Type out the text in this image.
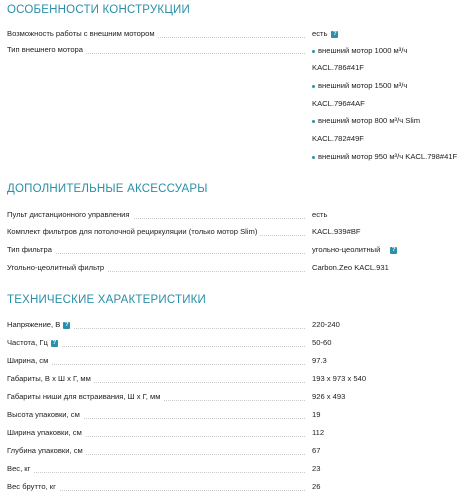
ОСОБЕННОСТИ КОНСТРУКЦИИ
Возможность работы с внешним мотором	есть ?
Тип внешнего мотора	внешний мотор 1000 м³/ч
KACL.786#41F
внешний мотор 1500 м³/ч
KACL.796#4AF
внешний мотор 800 м³/ч Slim
KACL.782#49F
внешний мотор 950 м³/ч KACL.798#41F
ДОПОЛНИТЕЛЬНЫЕ АКСЕССУАРЫ
Пульт дистанционного управления	есть
Комплект фильтров для потолочной рециркуляции (только мотор Slim)	KACL.939#BF
Тип фильтра	угольно-цеолитный ?
Угольно-цеолитный фильтр	Carbon.Zeo KACL.931
ТЕХНИЧЕСКИЕ ХАРАКТЕРИСТИКИ
Напряжение, В ?	220-240
Частота, Гц ?	50-60
Ширина, см	97.3
Габариты, В х Ш х Г, мм	193 х 973 х 540
Габариты ниши для встраивания, Ш х Г, мм	926 х 493
Высота упаковки, см	19
Ширина упаковки, см	112
Глубина упаковки, см	67
Вес, кг	23
Вес брутто, кг	26
